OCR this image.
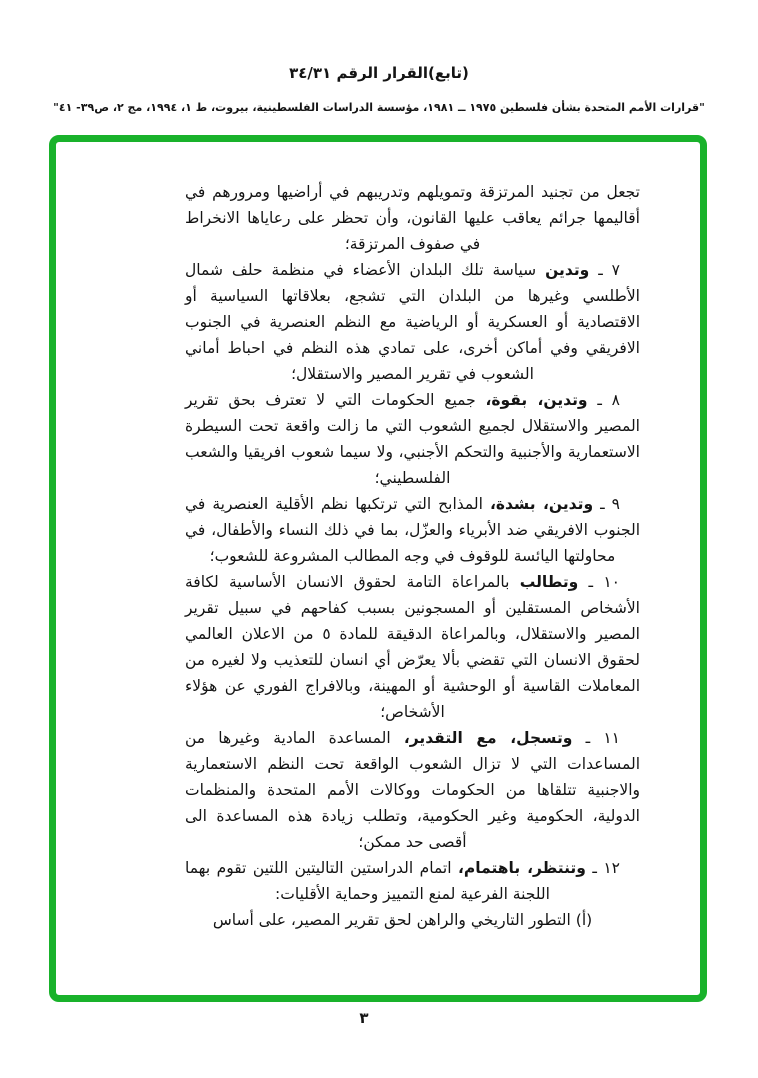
(تابع)القرار الرقم ٣٤/٣١
"قرارات الأمم المتحدة بشأن فلسطين ١٩٧٥ ــ ١٩٨١، مؤسسة الدراسات الفلسطينية، بيروت، ط ١، ١٩٩٤، مج ٢، ص٣٩- ٤١"

تجعل من تجنيد المرتزقة وتمويلهم وتدريبهم في أراضيها ومرورهم في أقاليمها جرائم يعاقب عليها القانون، وأن تحظر على رعاياها الانخراط في صفوف المرتزقة؛

٧ ـ وتدين سياسة تلك البلدان الأعضاء في منظمة حلف شمال الأطلسي وغيرها من البلدان التي تشجع، بعلاقاتها السياسية أو الاقتصادية أو العسكرية أو الرياضية مع النظم العنصرية في الجنوب الافريقي وفي أماكن أخرى، على تمادي هذه النظم في احباط أماني الشعوب في تقرير المصير والاستقلال؛

٨ ـ وتدين، بقوة، جميع الحكومات التي لا تعترف بحق تقرير المصير والاستقلال لجميع الشعوب التي ما زالت واقعة تحت السيطرة الاستعمارية والأجنبية والتحكم الأجنبي، ولا سيما شعوب افريقيا والشعب الفلسطيني؛

٩ ـ وتدين، بشدة، المذابح التي ترتكبها نظم الأقلية العنصرية في الجنوب الافريقي ضد الأبرياء والعزّل، بما في ذلك النساء والأطفال، في محاولتها اليائسة للوقوف في وجه المطالب المشروعة للشعوب؛

١٠ ـ وتطالب بالمراعاة التامة لحقوق الانسان الأساسية لكافة الأشخاص المستقلين أو المسجونين بسبب كفاحهم في سبيل تقرير المصير والاستقلال، وبالمراعاة الدقيقة للمادة ٥ من الاعلان العالمي لحقوق الانسان التي تقضي بألا يعرّض أي انسان للتعذيب ولا لغيره من المعاملات القاسية أو الوحشية أو المهينة، وبالافراج الفوري عن هؤلاء الأشخاص؛

١١ ـ وتسجل، مع التقدير، المساعدة المادية وغيرها من المساعدات التي لا تزال الشعوب الواقعة تحت النظم الاستعمارية والاجنبية تتلقاها من الحكومات ووكالات الأمم المتحدة والمنظمات الدولية، الحكومية وغير الحكومية، وتطلب زيادة هذه المساعدة الى أقصى حد ممكن؛

١٢ ـ وتنتظر، باهتمام، اتمام الدراستين التاليتين اللتين تقوم بهما اللجنة الفرعية لمنع التمييز وحماية الأقليات:

(أ) التطور التاريخي والراهن لحق تقرير المصير، على أساس

٣
